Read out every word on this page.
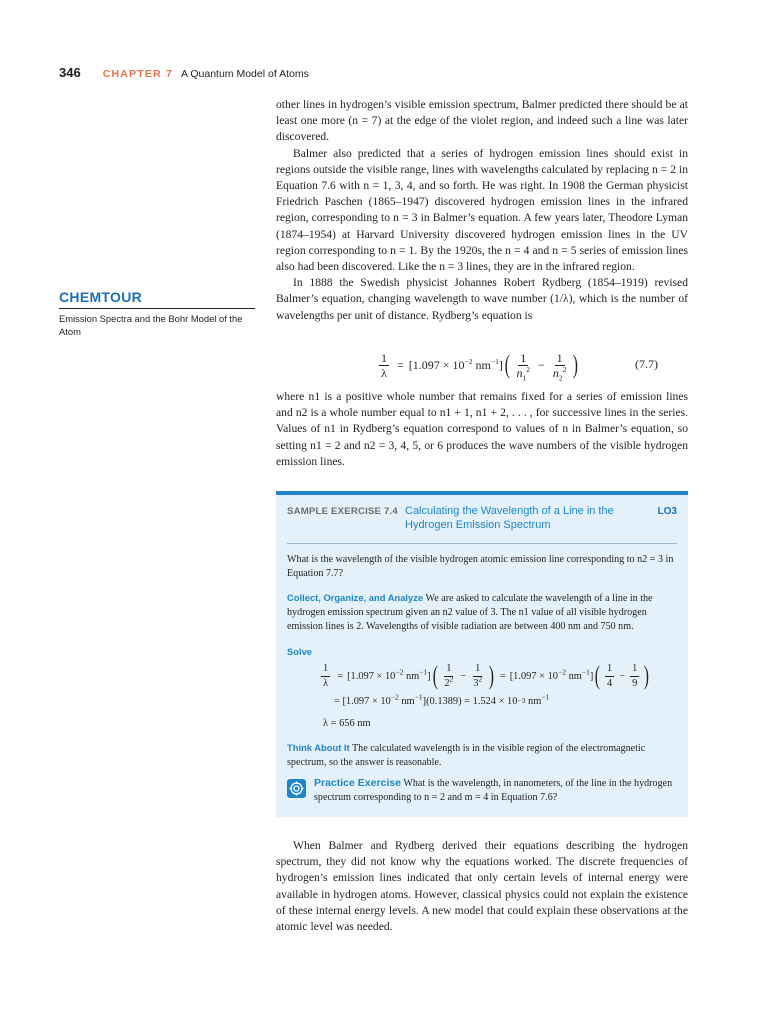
346 CHAPTER 7 A Quantum Model of Atoms
CHEMTOUR
Emission Spectra and the Bohr Model of the Atom

other lines in hydrogen’s visible emission spectrum, Balmer predicted there should be at least one more (n = 7) at the edge of the violet region, and indeed such a line was later discovered.

Balmer also predicted that a series of hydrogen emission lines should exist in regions outside the visible range, lines with wavelengths calculated by replacing n = 2 in Equation 7.6 with n = 1, 3, 4, and so forth. He was right. In 1908 the German physicist Friedrich Paschen (1865–1947) discovered hydrogen emission lines in the infrared region, corresponding to n = 3 in Balmer’s equation. A few years later, Theodore Lyman (1874–1954) at Harvard University discovered hydrogen emission lines in the UV region corresponding to n = 1. By the 1920s, the n = 4 and n = 5 series of emission lines also had been discovered. Like the n = 3 lines, they are in the infrared region.

In 1888 the Swedish physicist Johannes Robert Rydberg (1854–1919) revised Balmer’s equation, changing wavelength to wave number (1/λ), which is the number of wavelengths per unit of distance. Rydberg’s equation is

$\frac{1}{\lambda} = [1.097 \times 10^{-2}$ $nm^{-1}$] ( $\frac{1}{n_1^2} - \frac{1}{n_2^2}$ )	(7.7)

where n1 is a positive whole number that remains fixed for a series of emission lines and n2 is a whole number equal to n1 + 1, n1 + 2, . . . , for successive lines in the series. Values of n1 in Rydberg’s equation correspond to values of n in Balmer’s equation, so setting n1 = 2 and n2 = 3, 4, 5, or 6 produces the wave numbers of the visible hydrogen emission lines.

SAMPLE EXERCISE 7.4 Calculating the Wavelength of a Line in the Hydrogen Emission Spectrum
LO3
What is the wavelength of the visible hydrogen atomic emission line corresponding to n2 = 3 in Equation 7.7?
Collect, Organize, and Analyze We are asked to calculate the wavelength of a line in the hydrogen emission spectrum given an n2 value of 3. The n1 value of all visible hydrogen emission lines is 2. Wavelengths of visible radiation are between 400 nm and 750 nm.
Solve
$\frac{1}{\lambda} = [1.097 \times 10^{-2}$ $nm^{-1}$] ( $\frac{1}{2^2} - \frac{1}{3^2}$ ) = [$1.097 \times 10^{-2}$ $nm^{-1}$] ( $\frac{1}{4} - \frac{1}{9}$ )
= [$1.097 \times 10^{-2}$ $nm^{-1}$] (0.1389) = 1.524 × 10 −3 $nm^{-1}$
λ = 656 nm
Think About It The calculated wavelength is in the visible region of the electromagnetic spectrum, so the answer is reasonable.
Practice Exercise What is the wavelength, in nanometers, of the line in the hydrogen spectrum corresponding to n = 2 and m = 4 in Equation 7.6?

When Balmer and Rydberg derived their equations describing the hydrogen spectrum, they did not know why the equations worked. The discrete frequencies of hydrogen’s emission lines indicated that only certain levels of internal energy were available in hydrogen atoms. However, classical physics could not explain the existence of these internal energy levels. A new model that could explain these observations at the atomic level was needed.
